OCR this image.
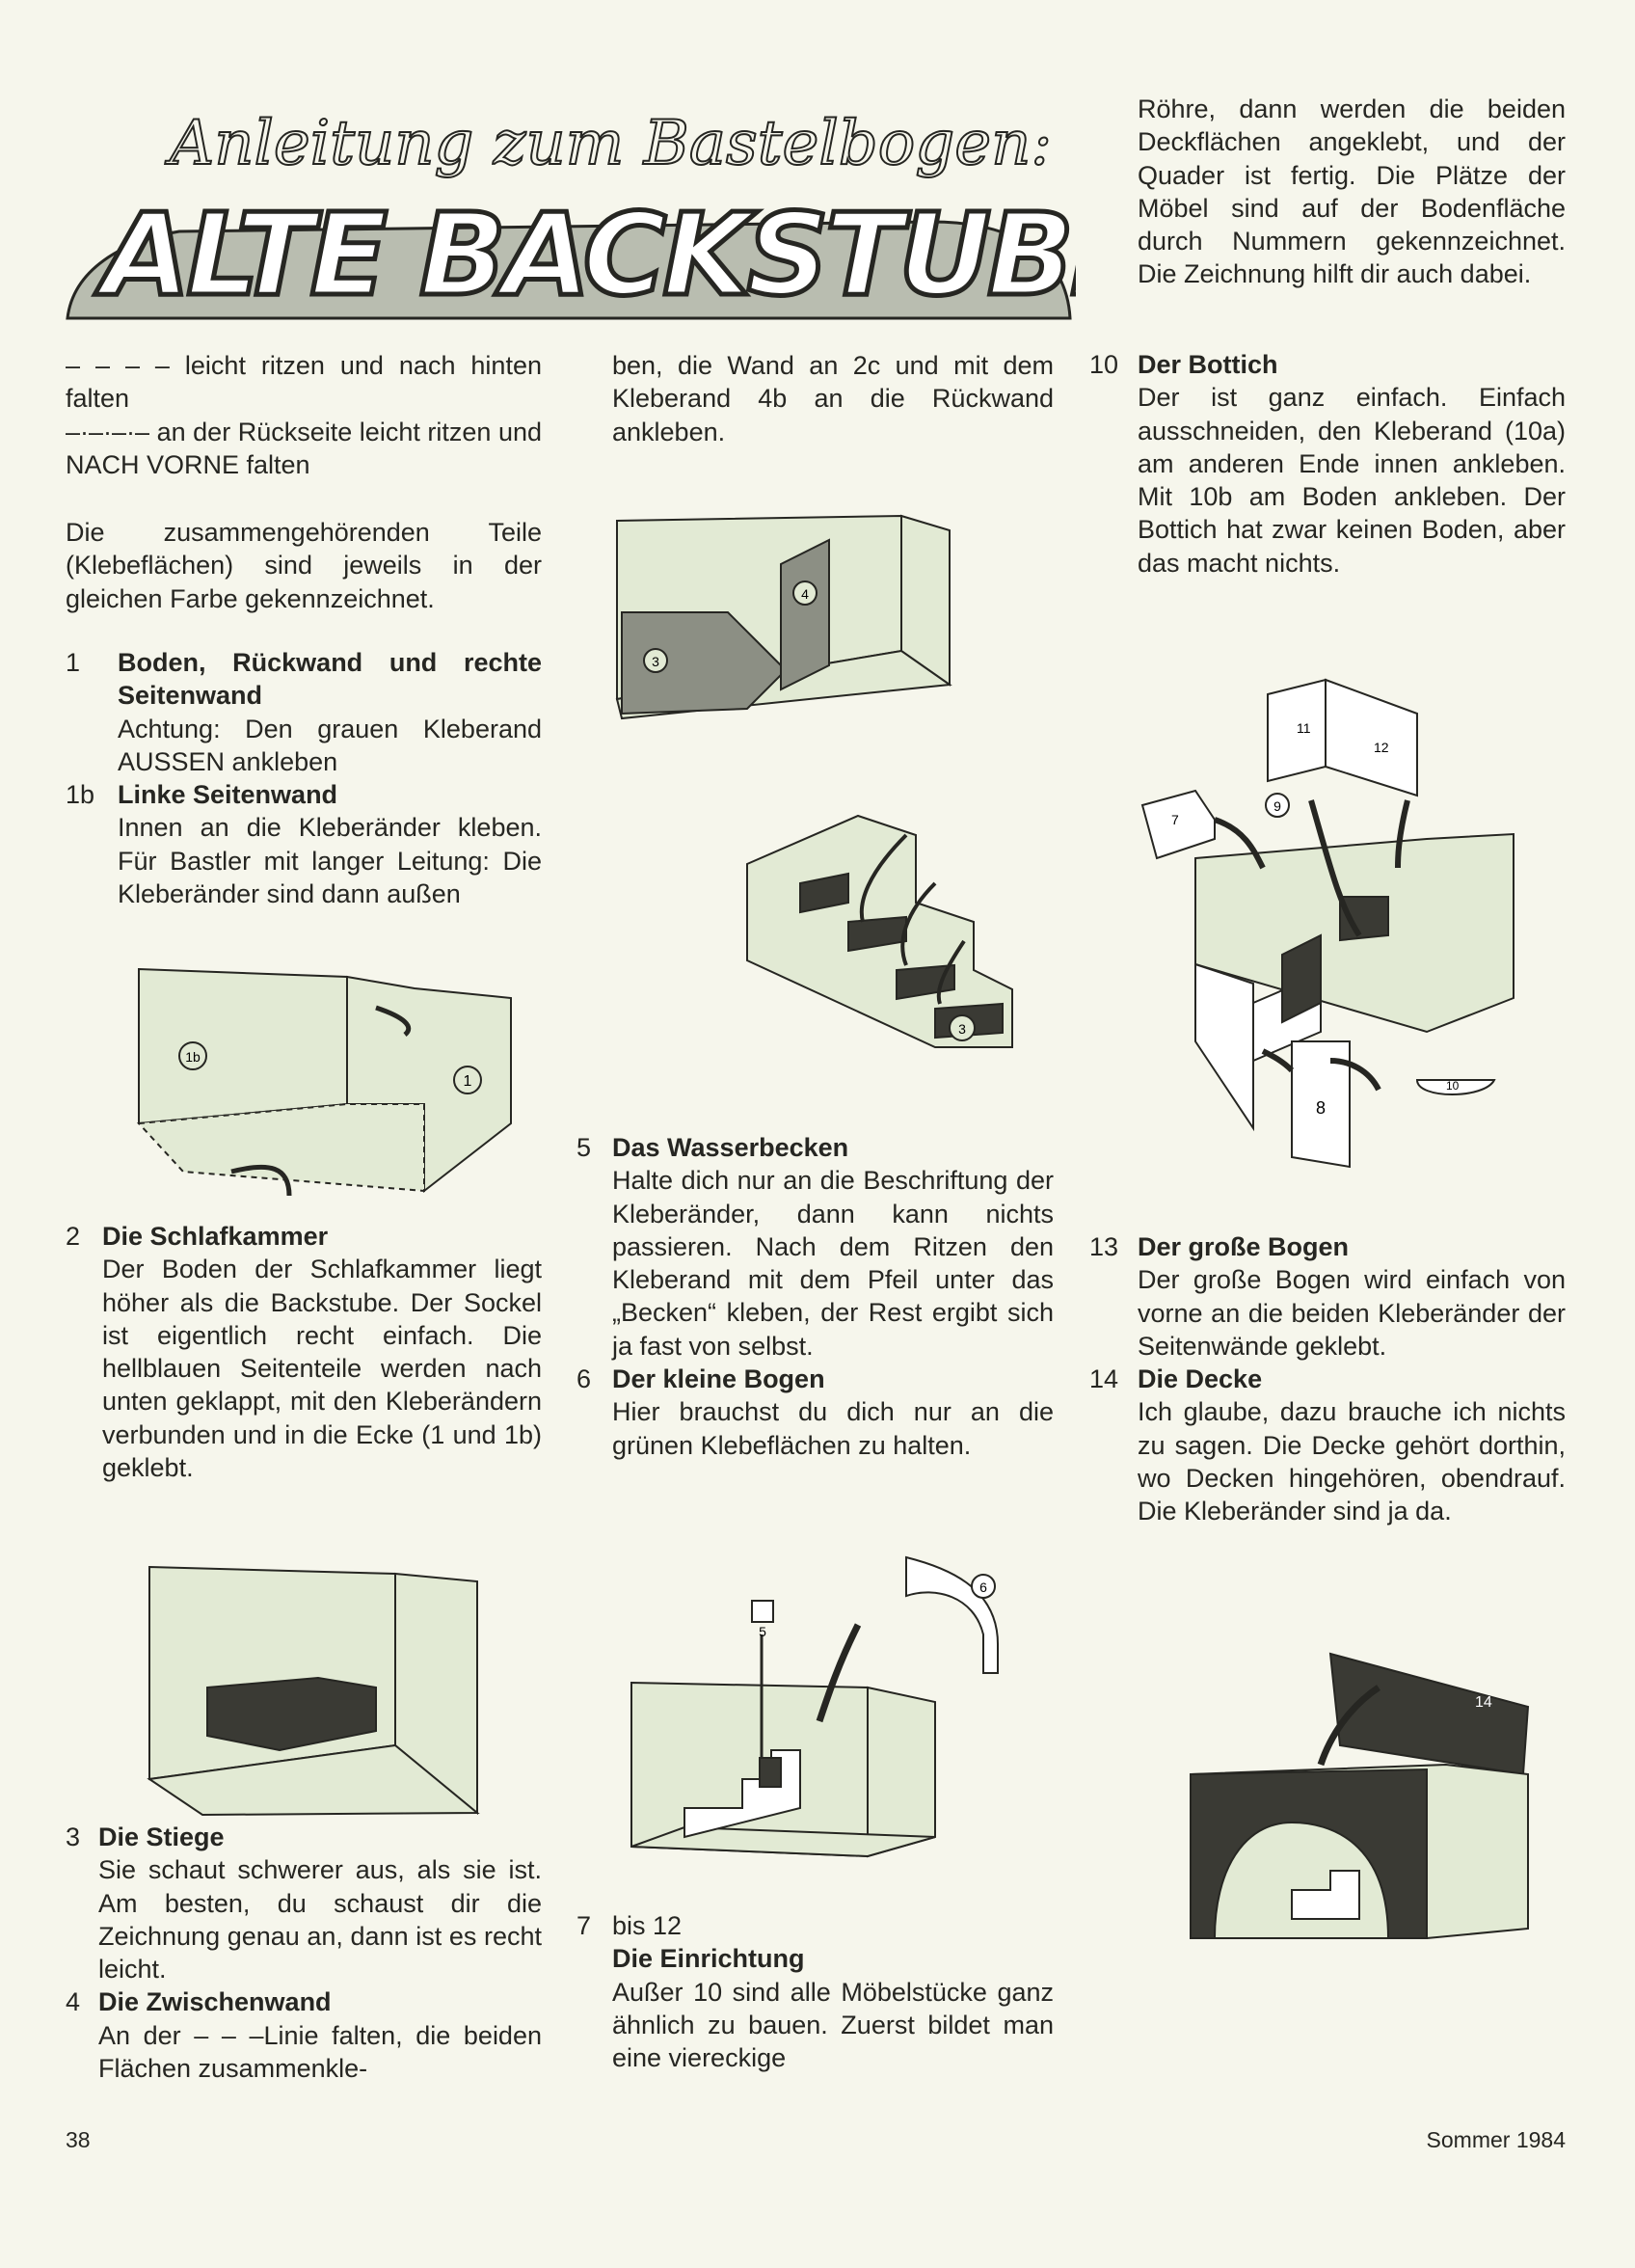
Anleitung zum Bastelbogen:
ALTE BACKSTUBE

– – – – leicht ritzen und nach hinten falten

–·–·–·– an der Rückseite leicht ritzen und NACH VORNE falten

Die zusammengehörenden Teile (Klebeflächen) sind jeweils in der gleichen Farbe gekennzeichnet.
1	Boden, Rückwand und rechte Seitenwand
Achtung: Den grauen Kleberand AUSSEN ankleben
1b Linke Seitenwand
Innen an die Kleberänder kleben. Für Bastler mit langer Leitung: Die Kleberänder sind dann außen
1b
1
2 Die Schlafkammer
Der Boden der Schlafkammer liegt höher als die Backstube. Der Sockel ist eigentlich recht einfach. Die hellblauen Seitenteile werden nach unten geklappt, mit den Kleberändern verbunden und in die Ecke (1 und 1b) geklebt.
3 Die Stiege
Sie schaut schwerer aus, als sie ist. Am besten, du schaust dir die Zeichnung genau an, dann ist es recht leicht.
4 Die Zwischenwand
An der – – –Linie falten, die beiden Flächen zusammenkle-
ben, die Wand an 2c und mit dem Kleberand 4b an die Rückwand ankleben.
3
4
3
5 Das Wasserbecken
Halte dich nur an die Beschriftung der Kleberänder, dann kann nichts passieren. Nach dem Ritzen den Kleberand mit dem Pfeil unter das „Becken“ kleben, der Rest ergibt sich ja fast von selbst.
6 Der kleine Bogen
Hier brauchst du dich nur an die grünen Klebeflächen zu halten.
5
6
7 bis 12
Die Einrichtung
Außer 10 sind alle Möbelstücke ganz ähnlich zu bauen. Zuerst bildet man eine viereckige
Röhre, dann werden die beiden Deckflächen angeklebt, und der Quader ist fertig. Die Plätze der Möbel sind auf der Bodenfläche durch Nummern gekennzeichnet. Die Zeichnung hilft dir auch dabei.
10 Der Bottich
Der ist ganz einfach. Einfach ausschneiden, den Kleberand (10a) am anderen Ende innen ankleben. Mit 10b am Boden ankleben. Der Bottich hat zwar keinen Boden, aber das macht nichts.
11
12
7
9
8
10
13 Der große Bogen
Der große Bogen wird einfach von vorne an die beiden Kleberänder der Seitenwände geklebt.
14 Die Decke
Ich glaube, dazu brauche ich nichts zu sagen. Die Decke gehört dorthin, wo Decken hingehören, obendrauf. Die Kleberänder sind ja da.
14
38	Sommer 1984
